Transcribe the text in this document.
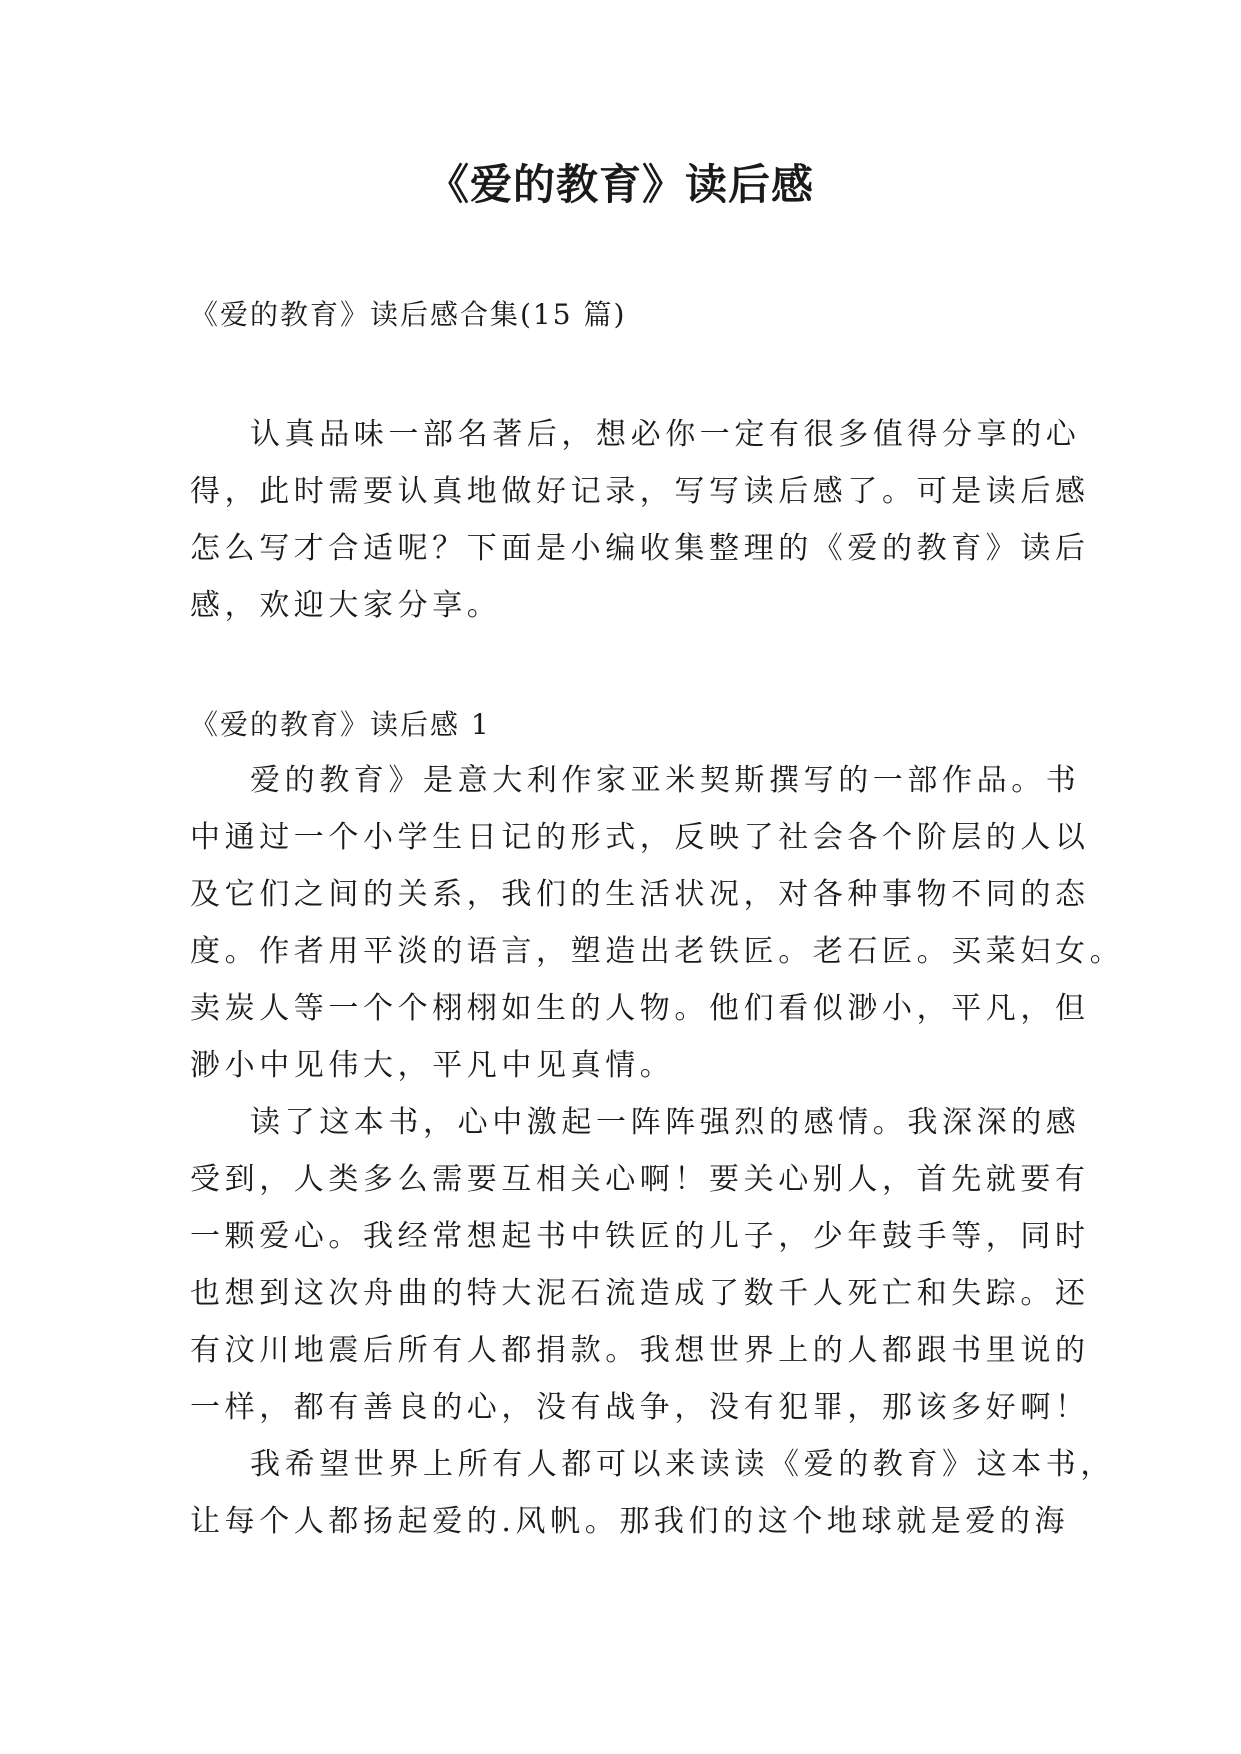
《爱的教育》读后感
《爱的教育》读后感合集(15 篇)
认真品味一部名著后，想必你一定有很多值得分享的心
得，此时需要认真地做好记录，写写读后感了。可是读后感
怎么写才合适呢？下面是小编收集整理的《爱的教育》读后
感，欢迎大家分享。
《爱的教育》读后感 1
爱的教育》是意大利作家亚米契斯撰写的一部作品。书
中通过一个小学生日记的形式，反映了社会各个阶层的人以
及它们之间的关系，我们的生活状况，对各种事物不同的态
度。作者用平淡的语言，塑造出老铁匠。老石匠。买菜妇女。
卖炭人等一个个栩栩如生的人物。他们看似渺小，平凡，但
渺小中见伟大，平凡中见真情。
读了这本书，心中激起一阵阵强烈的感情。我深深的感
受到，人类多么需要互相关心啊！要关心别人，首先就要有
一颗爱心。我经常想起书中铁匠的儿子，少年鼓手等，同时
也想到这次舟曲的特大泥石流造成了数千人死亡和失踪。还
有汶川地震后所有人都捐款。我想世界上的人都跟书里说的
一样，都有善良的心，没有战争，没有犯罪，那该多好啊！
我希望世界上所有人都可以来读读《爱的教育》这本书，
让每个人都扬起爱的.风帆。那我们的这个地球就是爱的海
